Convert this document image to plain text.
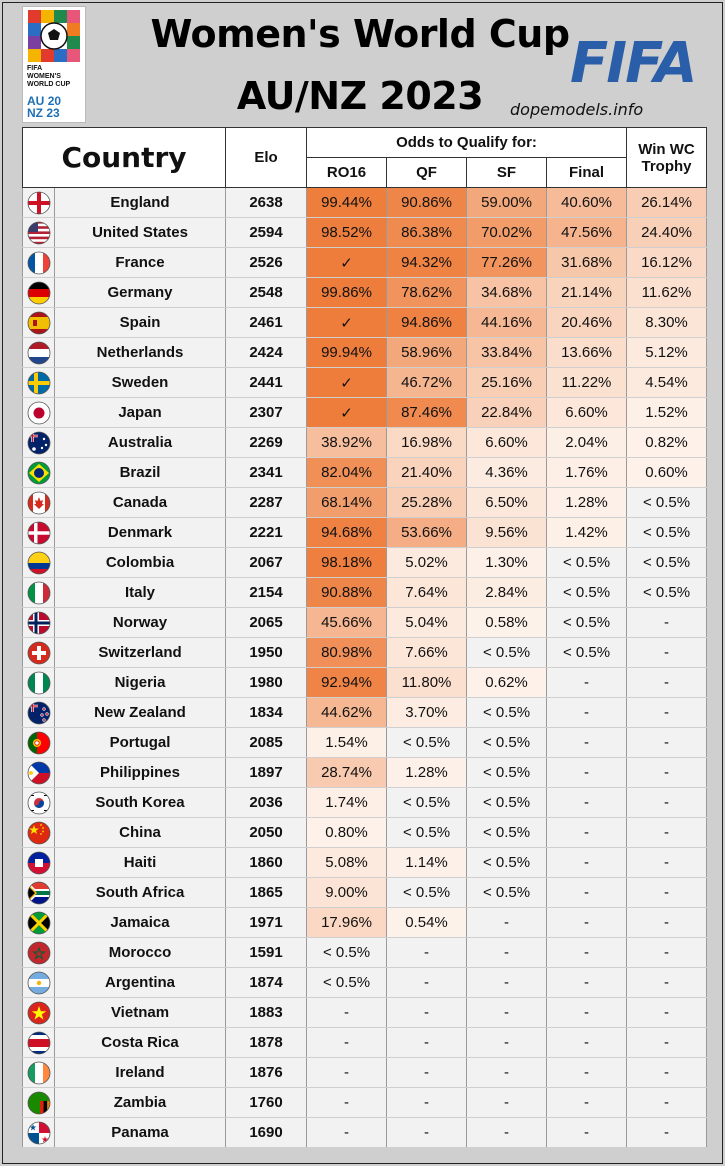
FIFA
WOMEN'S
WORLD CUP
AU 20
NZ 23
Women's World Cup
AU/NZ 2023	FIFA
dopemodels.info
Country		Elo	Odds to Qualify for:				Win WC
Trophy
			RO16	QF	SF	Final	

	England	2638	99.44%	90.86%	59.00%	40.60%	26.14%

	United States	2594	98.52%	86.38%	70.02%	47.56%	24.40%

	France	2526	✓	94.32%	77.26%	31.68%	16.12%

	Germany	2548	99.86%	78.62%	34.68%	21.14%	11.62%

	Spain	2461	✓	94.86%	44.16%	20.46%	8.30%

	Netherlands	2424	99.94%	58.96%	33.84%	13.66%	5.12%

	Sweden	2441	✓	46.72%	25.16%	11.22%	4.54%

	Japan	2307	✓	87.46%	22.84%	6.60%	1.52%

	Australia	2269	38.92%	16.98%	6.60%	2.04%	0.82%

	Brazil	2341	82.04%	21.40%	4.36%	1.76%	0.60%

	Canada	2287	68.14%	25.28%	6.50%	1.28%	< 0.5%

	Denmark	2221	94.68%	53.66%	9.56%	1.42%	< 0.5%

	Colombia	2067	98.18%	5.02%	1.30%	< 0.5%	< 0.5%

	Italy	2154	90.88%	7.64%	2.84%	< 0.5%	< 0.5%

	Norway	2065	45.66%	5.04%	0.58%	< 0.5%	-

	Switzerland	1950	80.98%	7.66%	< 0.5%	< 0.5%	-

	Nigeria	1980	92.94%	11.80%	0.62%	-	-

	New Zealand	1834	44.62%	3.70%	< 0.5%	-	-

	Portugal	2085	1.54%	< 0.5%	< 0.5%	-	-

	Philippines	1897	28.74%	1.28%	< 0.5%	-	-

	South Korea	2036	1.74%	< 0.5%	< 0.5%	-	-

	China	2050	0.80%	< 0.5%	< 0.5%	-	-

	Haiti	1860	5.08%	1.14%	< 0.5%	-	-

	South Africa	1865	9.00%	< 0.5%	< 0.5%	-	-

	Jamaica	1971	17.96%	0.54%	-	-	-

	Morocco	1591	< 0.5%	-	-	-	-

	Argentina	1874	< 0.5%	-	-	-	-

	Vietnam	1883	-	-	-	-	-

	Costa Rica	1878	-	-	-	-	-

	Ireland	1876	-	-	-	-	-

	Zambia	1760	-	-	-	-	-

	Panama	1690	-	-	-	-	-
